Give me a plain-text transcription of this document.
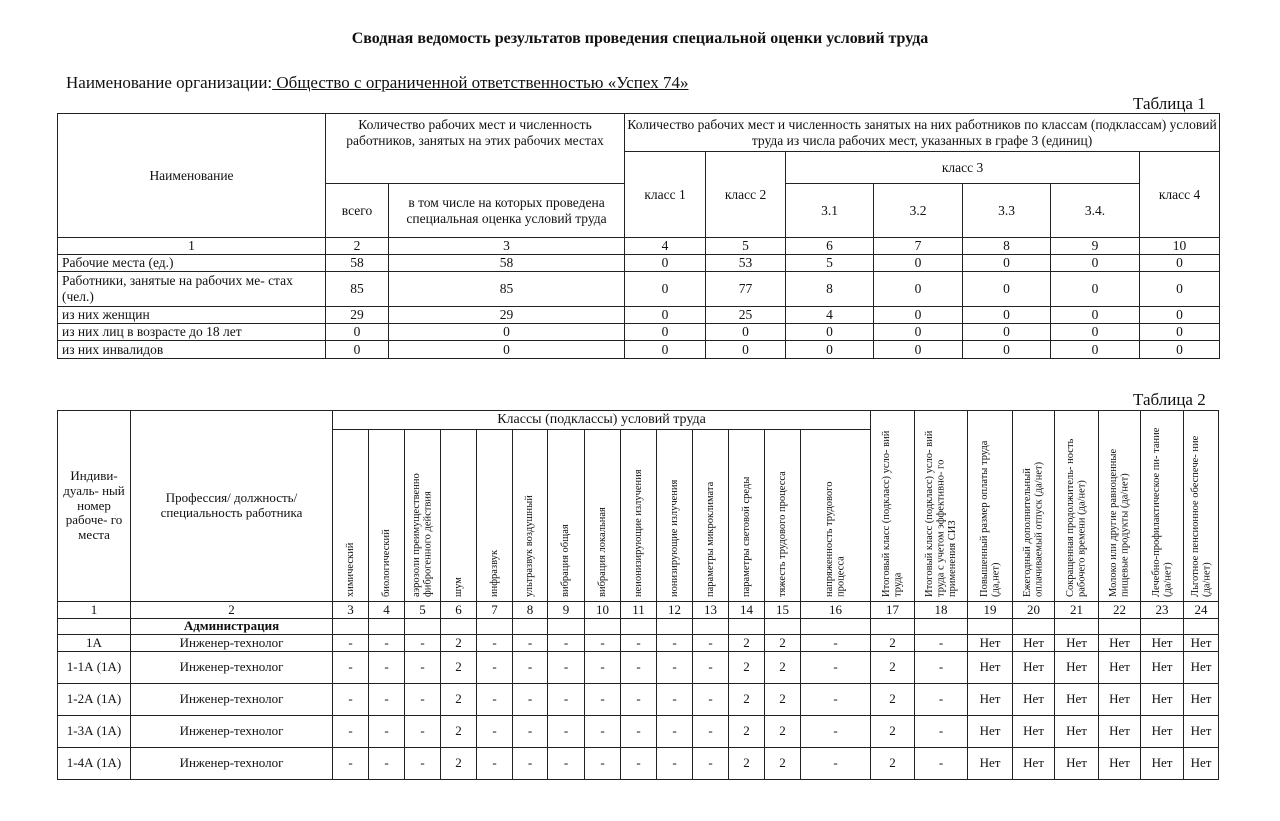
Сводная ведомость результатов проведения специальной оценки условий труда
Наименование организации: Общество с ограниченной ответственностью «Успех 74»
Таблица 1
Наименование	Количество рабочих мест и численность работников, занятых на этих рабочих местах		Количество рабочих мест и численность занятых на них работников по классам (подклассам) условий труда из числа рабочих мест, указанных в графе 3 (единиц)						
			класс 1	класс 2	класс 3				класс 4
	всего	в том числе на которых проведена специальная оценка условий труда			3.1	3.2	3.3	3.4.	
1	2	3	4	5	6	7	8	9	10
Рабочие места (ед.)	58	58	0	53	5	0	0	0	0
Работники, занятые на рабочих ме- стах (чел.)	85	85	0	77	8	0	0	0	0
из них женщин	29	29	0	25	4	0	0	0	0
из них лиц в возрасте до 18 лет	0	0	0	0	0	0	0	0	0
из них инвалидов	0	0	0	0	0	0	0	0	0
Таблица 2
Индиви- дуаль- ный номер рабоче- го места	Профессия/ должность/ специальность работника	Классы (подклассы) условий труда														Итоговый класс (подкласс) усло- вий труда	Итоговый класс (подкласс) усло- вий труда с учетом эффективно- го применения СИЗ	Повышенный размер оплаты труда (да,нет)	Ежегодный дополнительный оплачиваемый отпуск (да/нет)	Сокращенная продолжитель- ность рабочего времени (да/нет)	Молоко или другие равноценные пищевые продукты (да/нет)	Лечебно-профилактическое пи- тание (да/нет)	Льготное пенсионное обеспече- ние (да/нет)

		химический	биологический	аэрозоли преимущественно фиброгенного действия	шум	инфразвук	ультразвук воздушный	вибрация общая	вибрация локальная	неионизирующие излучения	ионизирующие излучения	параметры микроклимата	параметры световой среды	тяжесть трудового процесса	напряженность трудового процесса								

1	2	3	4	5	6	7	8	9	10	11	12	13	14	15	16	17	18	19	20	21	22	23	24
	Администрация																						
1А	Инженер-технолог	-	-	-	2	-	-	-	-	-	-	-	2	2	-	2	-	Нет	Нет	Нет	Нет	Нет	Нет
1-1А (1А)	Инженер-технолог	-	-	-	2	-	-	-	-	-	-	-	2	2	-	2	-	Нет	Нет	Нет	Нет	Нет	Нет
1-2А (1А)	Инженер-технолог	-	-	-	2	-	-	-	-	-	-	-	2	2	-	2	-	Нет	Нет	Нет	Нет	Нет	Нет
1-3А (1А)	Инженер-технолог	-	-	-	2	-	-	-	-	-	-	-	2	2	-	2	-	Нет	Нет	Нет	Нет	Нет	Нет
1-4А (1А)	Инженер-технолог	-	-	-	2	-	-	-	-	-	-	-	2	2	-	2	-	Нет	Нет	Нет	Нет	Нет	Нет
